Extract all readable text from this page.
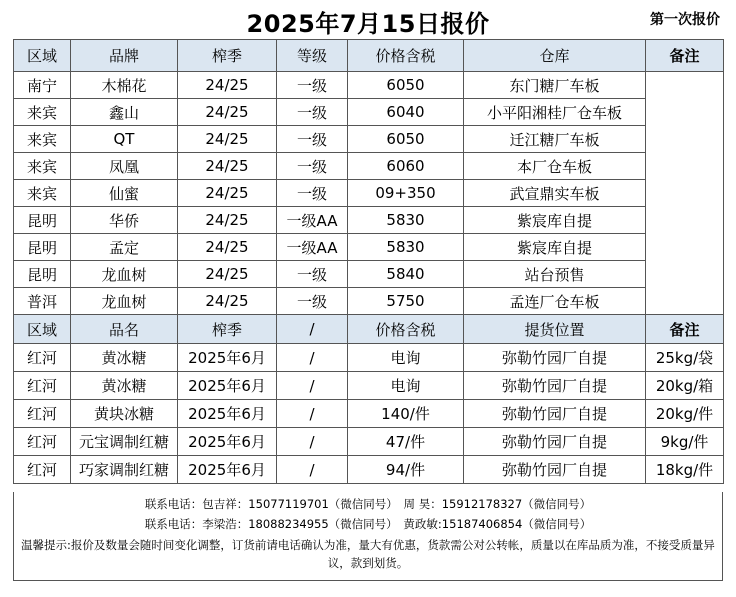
2025年7月15日报价	第一次报价
区域	品牌	榨季	等级	价格含税	仓库	备注
南宁	木棉花	24/25	一级	6050	东门糖厂车板	
来宾	鑫山	24/25	一级	6040	小平阳湘桂厂仓车板	
来宾	QT	24/25	一级	6050	迁江糖厂车板	
来宾	凤凰	24/25	一级	6060	本厂仓车板	
来宾	仙蜜	24/25	一级	09+350	武宣鼎实车板	
昆明	华侨	24/25	一级AA	5830	紫宸库自提	
昆明	孟定	24/25	一级AA	5830	紫宸库自提	
昆明	龙血树	24/25	一级	5840	站台预售	
普洱	龙血树	24/25	一级	5750	孟连厂仓车板	
区域	品名	榨季	/	价格含税	提货位置	备注
红河	黄冰糖	2025年6月	/	电询	弥勒竹园厂自提	25kg/袋
红河	黄冰糖	2025年6月	/	电询	弥勒竹园厂自提	20kg/箱
红河	黄块冰糖	2025年6月	/	140/件	弥勒竹园厂自提	20kg/件
红河	元宝调制红糖	2025年6月	/	47/件	弥勒竹园厂自提	9kg/件
红河	巧家调制红糖	2025年6月	/	94/件	弥勒竹园厂自提	18kg/件
联系电话：包吉祥：15077119701（微信同号）　周 昊：15912178327（微信同号）
联系电话：李梁浩：18088234955（微信同号）　黄政敏:15187406854（微信同号）
温馨提示:报价及数量会随时间变化调整，订货前请电话确认为准，量大有优惠，货款需公对公转帐，质量以在库品质为准，不接受质量异议，款到划货。
